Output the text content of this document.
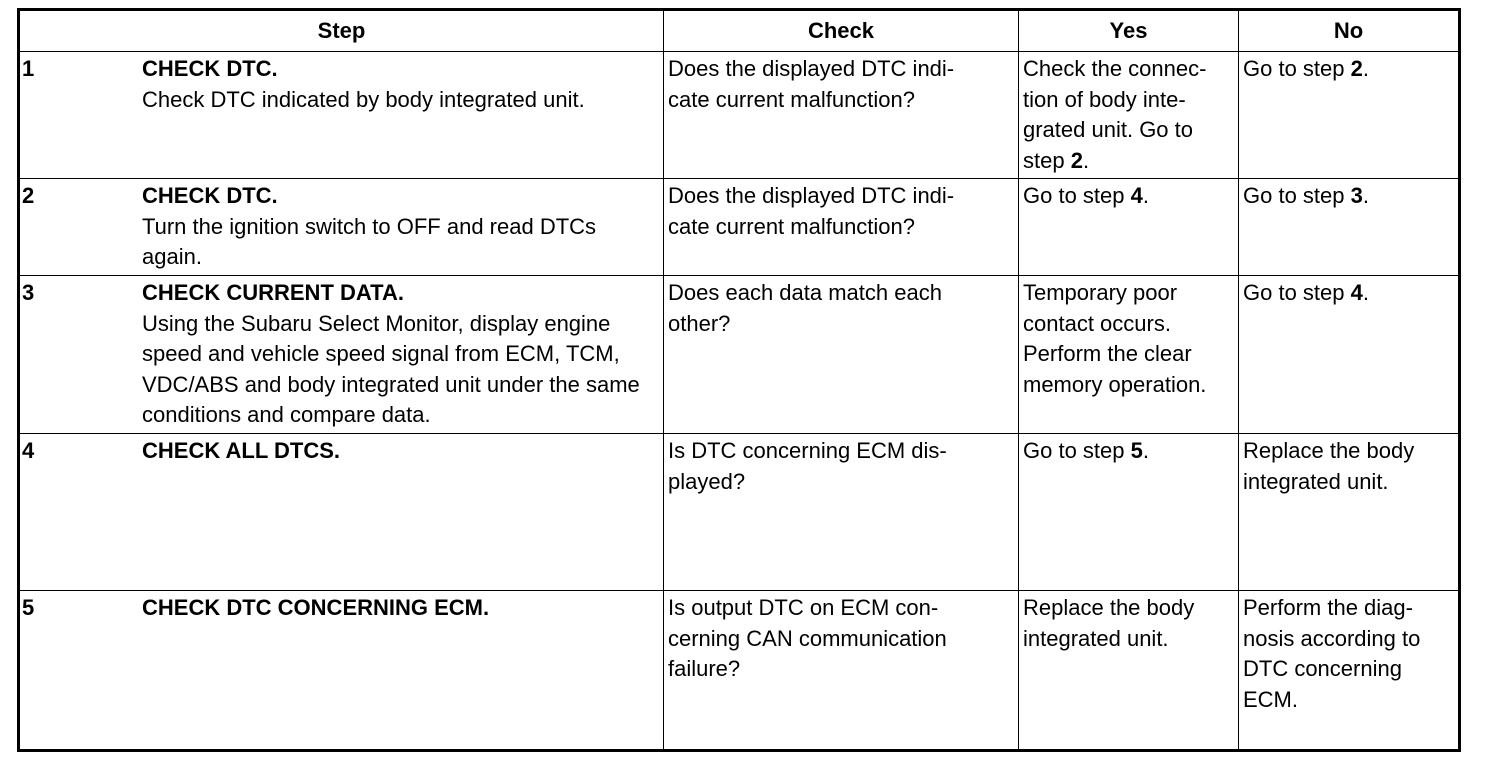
Step	Check	Yes	No

1 CHECK DTC.
Check DTC indicated by body integrated unit.	Does the displayed DTC indi-
cate current malfunction?	Check the connec-
tion of body inte-
grated unit. Go to
step 2.	Go to step 2.

2 CHECK DTC.
Turn the ignition switch to OFF and read DTCs again.	Does the displayed DTC indi-
cate current malfunction?	Go to step 4.	Go to step 3.

3 CHECK CURRENT DATA.
Using the Subaru Select Monitor, display engine speed and vehicle speed signal from ECM, TCM, VDC/ABS and body integrated unit under the same conditions and compare data.	Does each data match each
other?	Temporary poor
contact occurs.
Perform the clear
memory operation.	Go to step 4.

4 CHECK ALL DTCS.	Is DTC concerning ECM dis-
played?	Go to step 5.	Replace the body
integrated unit.

5 CHECK DTC CONCERNING ECM.	Is output DTC on ECM con-
cerning CAN communication
failure?	Replace the body
integrated unit.	Perform the diag-
nosis according to
DTC concerning
ECM.
